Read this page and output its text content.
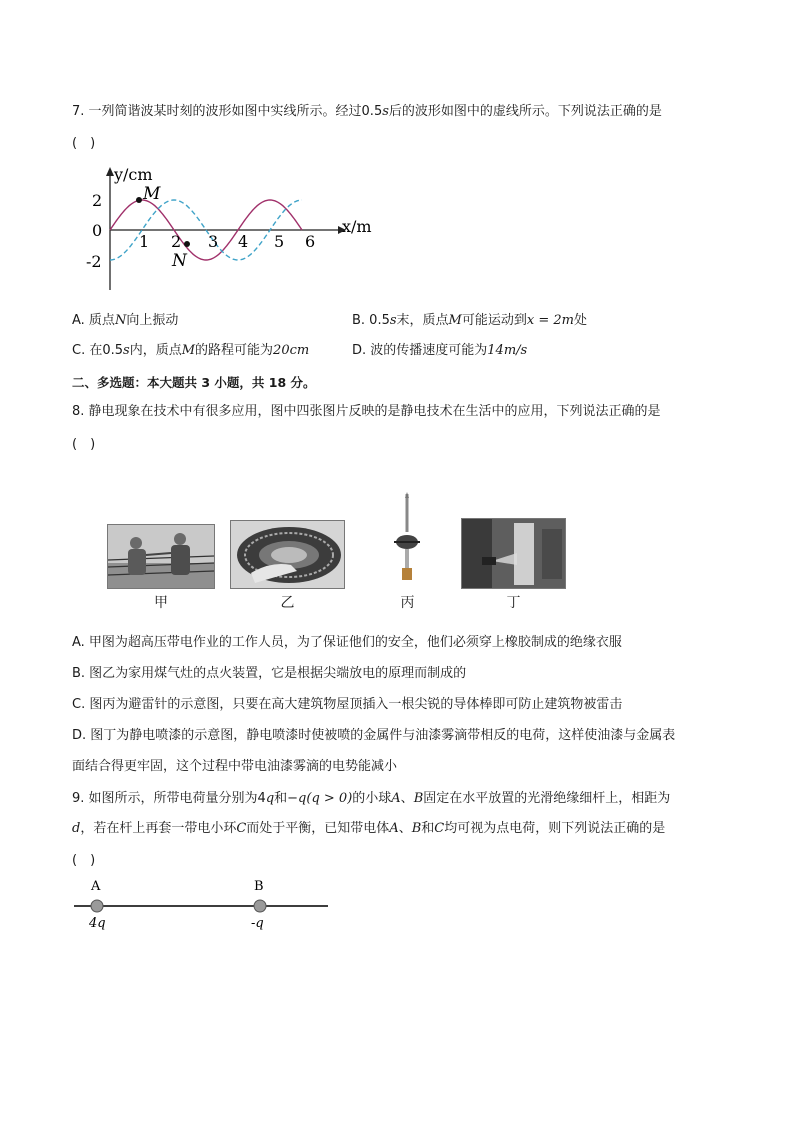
7. 一列简谐波某时刻的波形如图中实线所示。经过0.5s后的波形如图中的虚线所示。下列说法正确的是
(　)
y/cm
x/m
0
2
-2
1 2 3 4 5 6
M
N
A. 质点N向上振动	B. 0.5s末，质点M可能运动到x = 2m处
C. 在0.5s内，质点M的路程可能为20cm	D. 波的传播速度可能为14m/s
二、多选题：本大题共 3 小题，共 18 分。
8. 静电现象在技术中有很多应用，图中四张图片反映的是静电技术在生活中的应用，下列说法正确的是
(　)
甲	乙	丙	丁
A. 甲图为超高压带电作业的工作人员，为了保证他们的安全，他们必须穿上橡胶制成的绝缘衣服
B. 图乙为家用煤气灶的点火装置，它是根据尖端放电的原理而制成的
C. 图丙为避雷针的示意图，只要在高大建筑物屋顶插入一根尖锐的导体棒即可防止建筑物被雷击
D. 图丁为静电喷漆的示意图，静电喷漆时使被喷的金属件与油漆雾滴带相反的电荷，这样使油漆与金属表
面结合得更牢固，这个过程中带电油漆雾滴的电势能减小
9. 如图所示，所带电荷量分别为4q和−q(q > 0)的小球A、B固定在水平放置的光滑绝缘细杆上，相距为
d，若在杆上再套一带电小环C而处于平衡，已知带电体A、B和C均可视为点电荷，则下列说法正确的是
(　)
A	B
4q	-q
